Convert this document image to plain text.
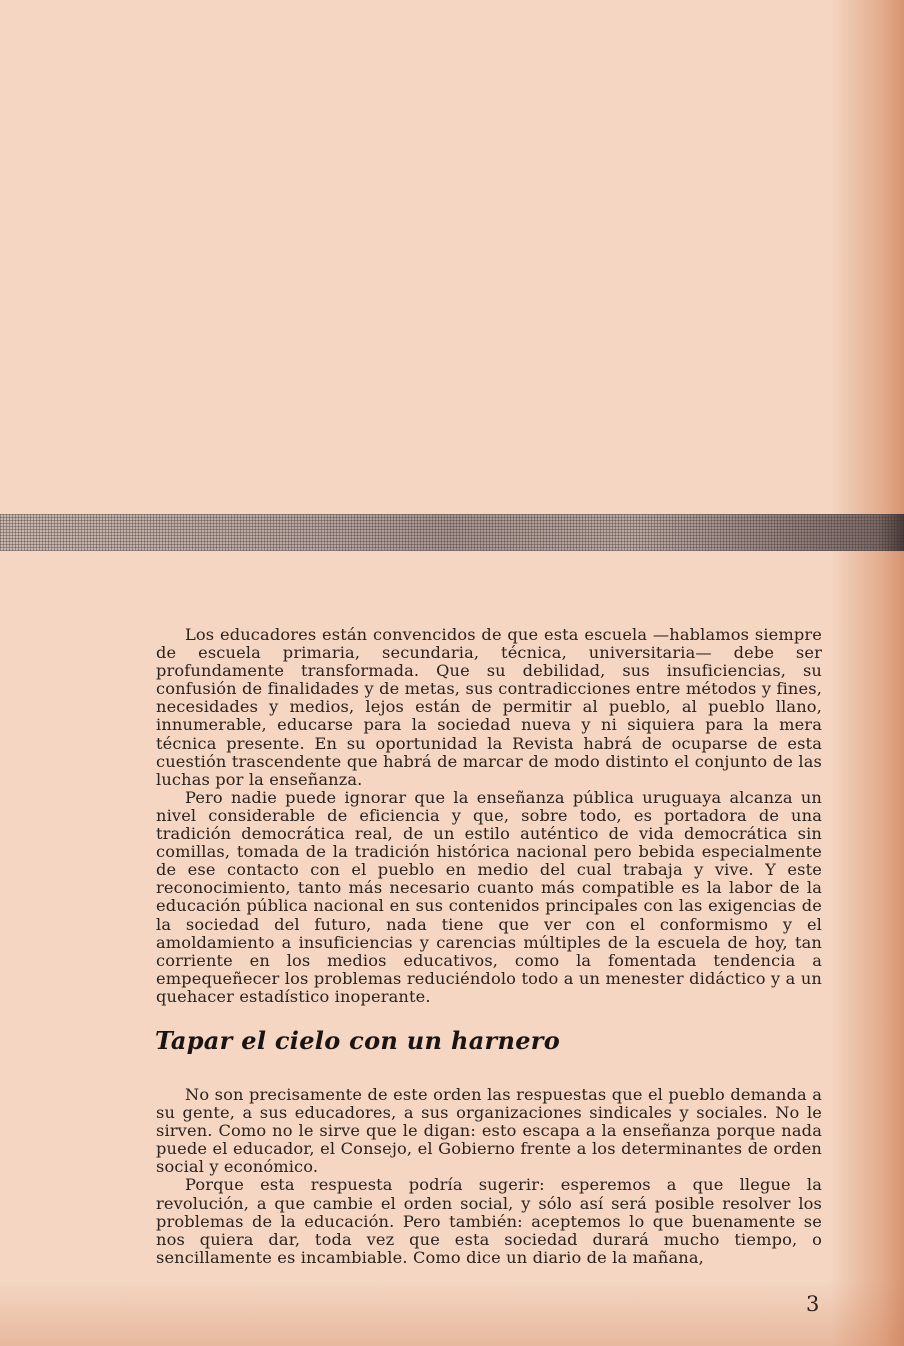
Los educadores están convencidos de que esta escuela —hablamos siempre de escuela primaria, secundaria, técnica, universitaria— debe ser profundamente transformada. Que su debilidad, sus insuficiencias, su confusión de finalidades y de metas, sus contradicciones entre métodos y fines, necesidades y medios, lejos están de permitir al pueblo, al pueblo llano, innumerable, educarse para la sociedad nueva y ni siquiera para la mera técnica presente. En su oportunidad la Revista habrá de ocuparse de esta cuestión trascendente que habrá de marcar de modo distinto el conjunto de las luchas por la enseñanza.

Pero nadie puede ignorar que la enseñanza pública uruguaya alcanza un nivel considerable de eficiencia y que, sobre todo, es portadora de una tradición democrática real, de un estilo auténtico de vida democrática sin comillas, tomada de la tradición histórica nacional pero bebida especialmente de ese contacto con el pueblo en medio del cual trabaja y vive. Y este reconocimiento, tanto más necesario cuanto más compatible es la labor de la educación pública nacional en sus contenidos principales con las exigencias de la sociedad del futuro, nada tiene que ver con el conformismo y el amoldamiento a insuficiencias y carencias múltiples de la escuela de hoy, tan corriente en los medios educativos, como la fomentada tendencia a empequeñecer los problemas reduciéndolo todo a un menester didáctico y a un quehacer estadístico inoperante.

Tapar el cielo con un harnero

No son precisamente de este orden las respuestas que el pueblo demanda a su gente, a sus educadores, a sus organizaciones sindicales y sociales. No le sirven. Como no le sirve que le digan: esto escapa a la enseñanza porque nada puede el educador, el Consejo, el Gobierno frente a los determinantes de orden social y económico.

Porque esta respuesta podría sugerir: esperemos a que llegue la revolución, a que cambie el orden social, y sólo así será posible resolver los problemas de la educación. Pero también: aceptemos lo que buenamente se nos quiera dar, toda vez que esta sociedad durará mucho tiempo, o sencillamente es incambiable. Como dice un diario de la mañana,

3
